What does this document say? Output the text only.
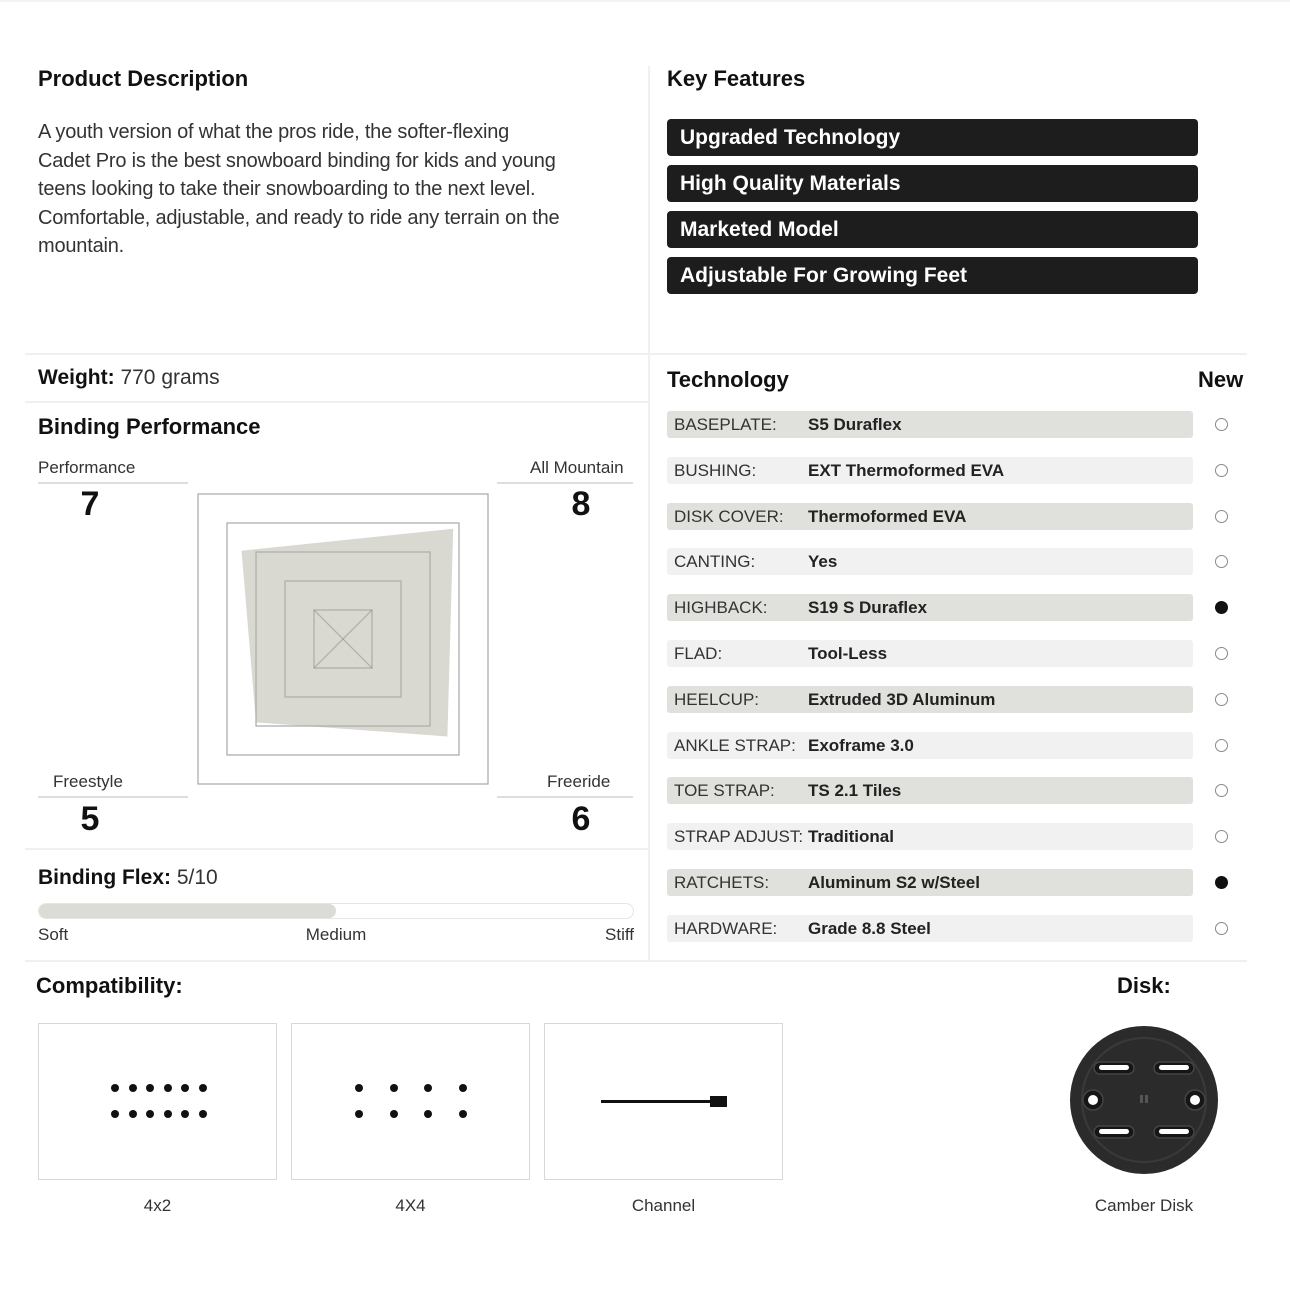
Product Description
A youth version of what the pros ride, the softer-flexing
Cadet Pro is the best snowboard binding for kids and young
teens looking to take their snowboarding to the next level.
Comfortable, adjustable, and ready to ride any terrain on the
mountain.
Key Features
Upgraded Technology
High Quality Materials
Marketed Model
Adjustable For Growing Feet
Weight: 770 grams
Binding Performance
Performance	All Mountain
Freestyle	Freeride
7	8
5	6
Binding Flex: 5/10
Soft	Medium	Stiff
Technology	New
BASEPLATE: S5 Duraflex
BUSHING:	EXT Thermoformed EVA
DISK COVER: Thermoformed EVA
CANTING:	Yes
HIGHBACK: S19 S Duraflex
FLAD:	Tool-Less
HEELCUP:	Extruded 3D Aluminum
ANKLE STRAP: Exoframe 3.0
TOE STRAP: TS 2.1 Tiles
STRAP ADJUST: Traditional
RATCHETS: Aluminum S2 w/Steel
HARDWARE: Grade 8.8 Steel
Compatibility:
4x2	4X4	Channel
Disk:
Camber Disk
